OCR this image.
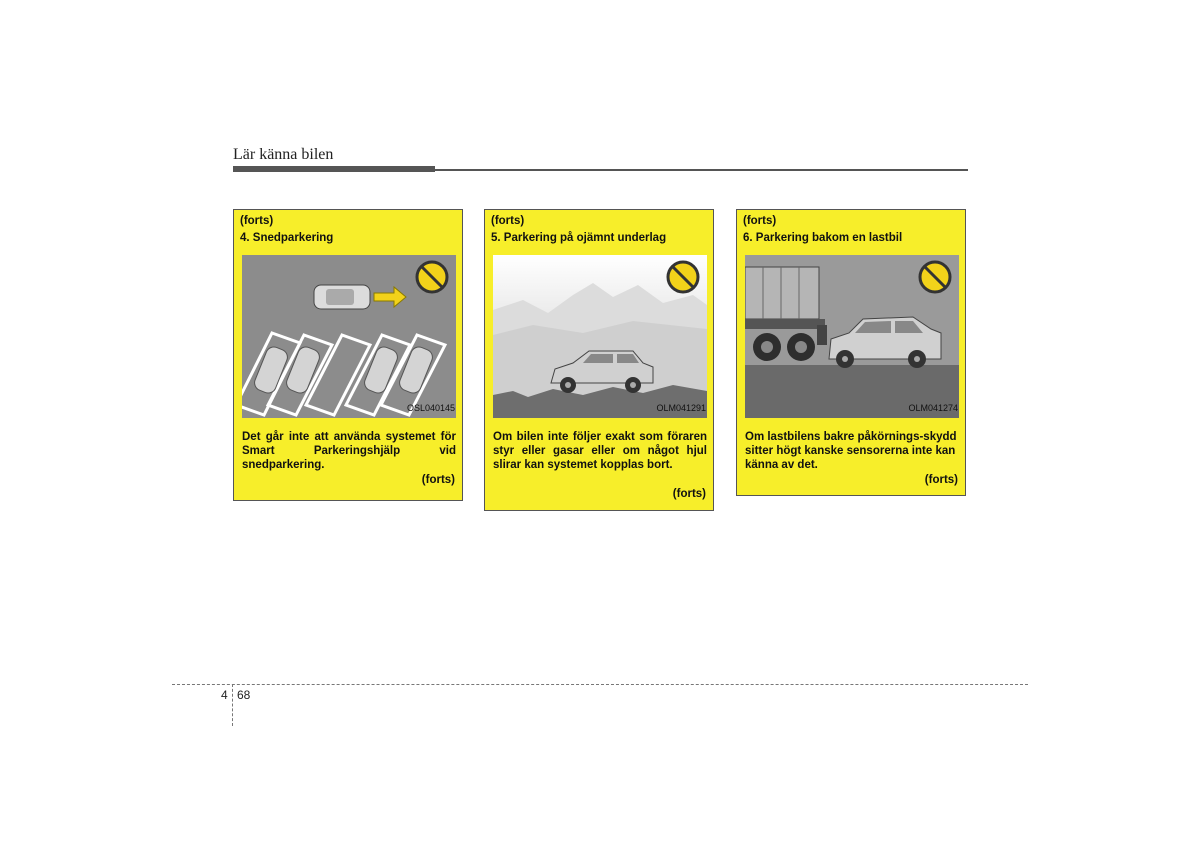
Lär känna bilen
(forts)
4. Snedparkering
OSL040145
Det går inte att använda systemet för Smart Parkeringshjälp vid snedparkering.
(forts)
(forts)
5. Parkering på ojämnt underlag
OLM041291
Om bilen inte följer exakt som föraren styr eller gasar eller om något hjul slirar kan systemet kopplas bort.
(forts)
(forts)
6. Parkering bakom en lastbil
OLM041274
Om lastbilens bakre påkörnings-skydd sitter högt kanske sensorerna inte kan känna av det.
(forts)
4 68
